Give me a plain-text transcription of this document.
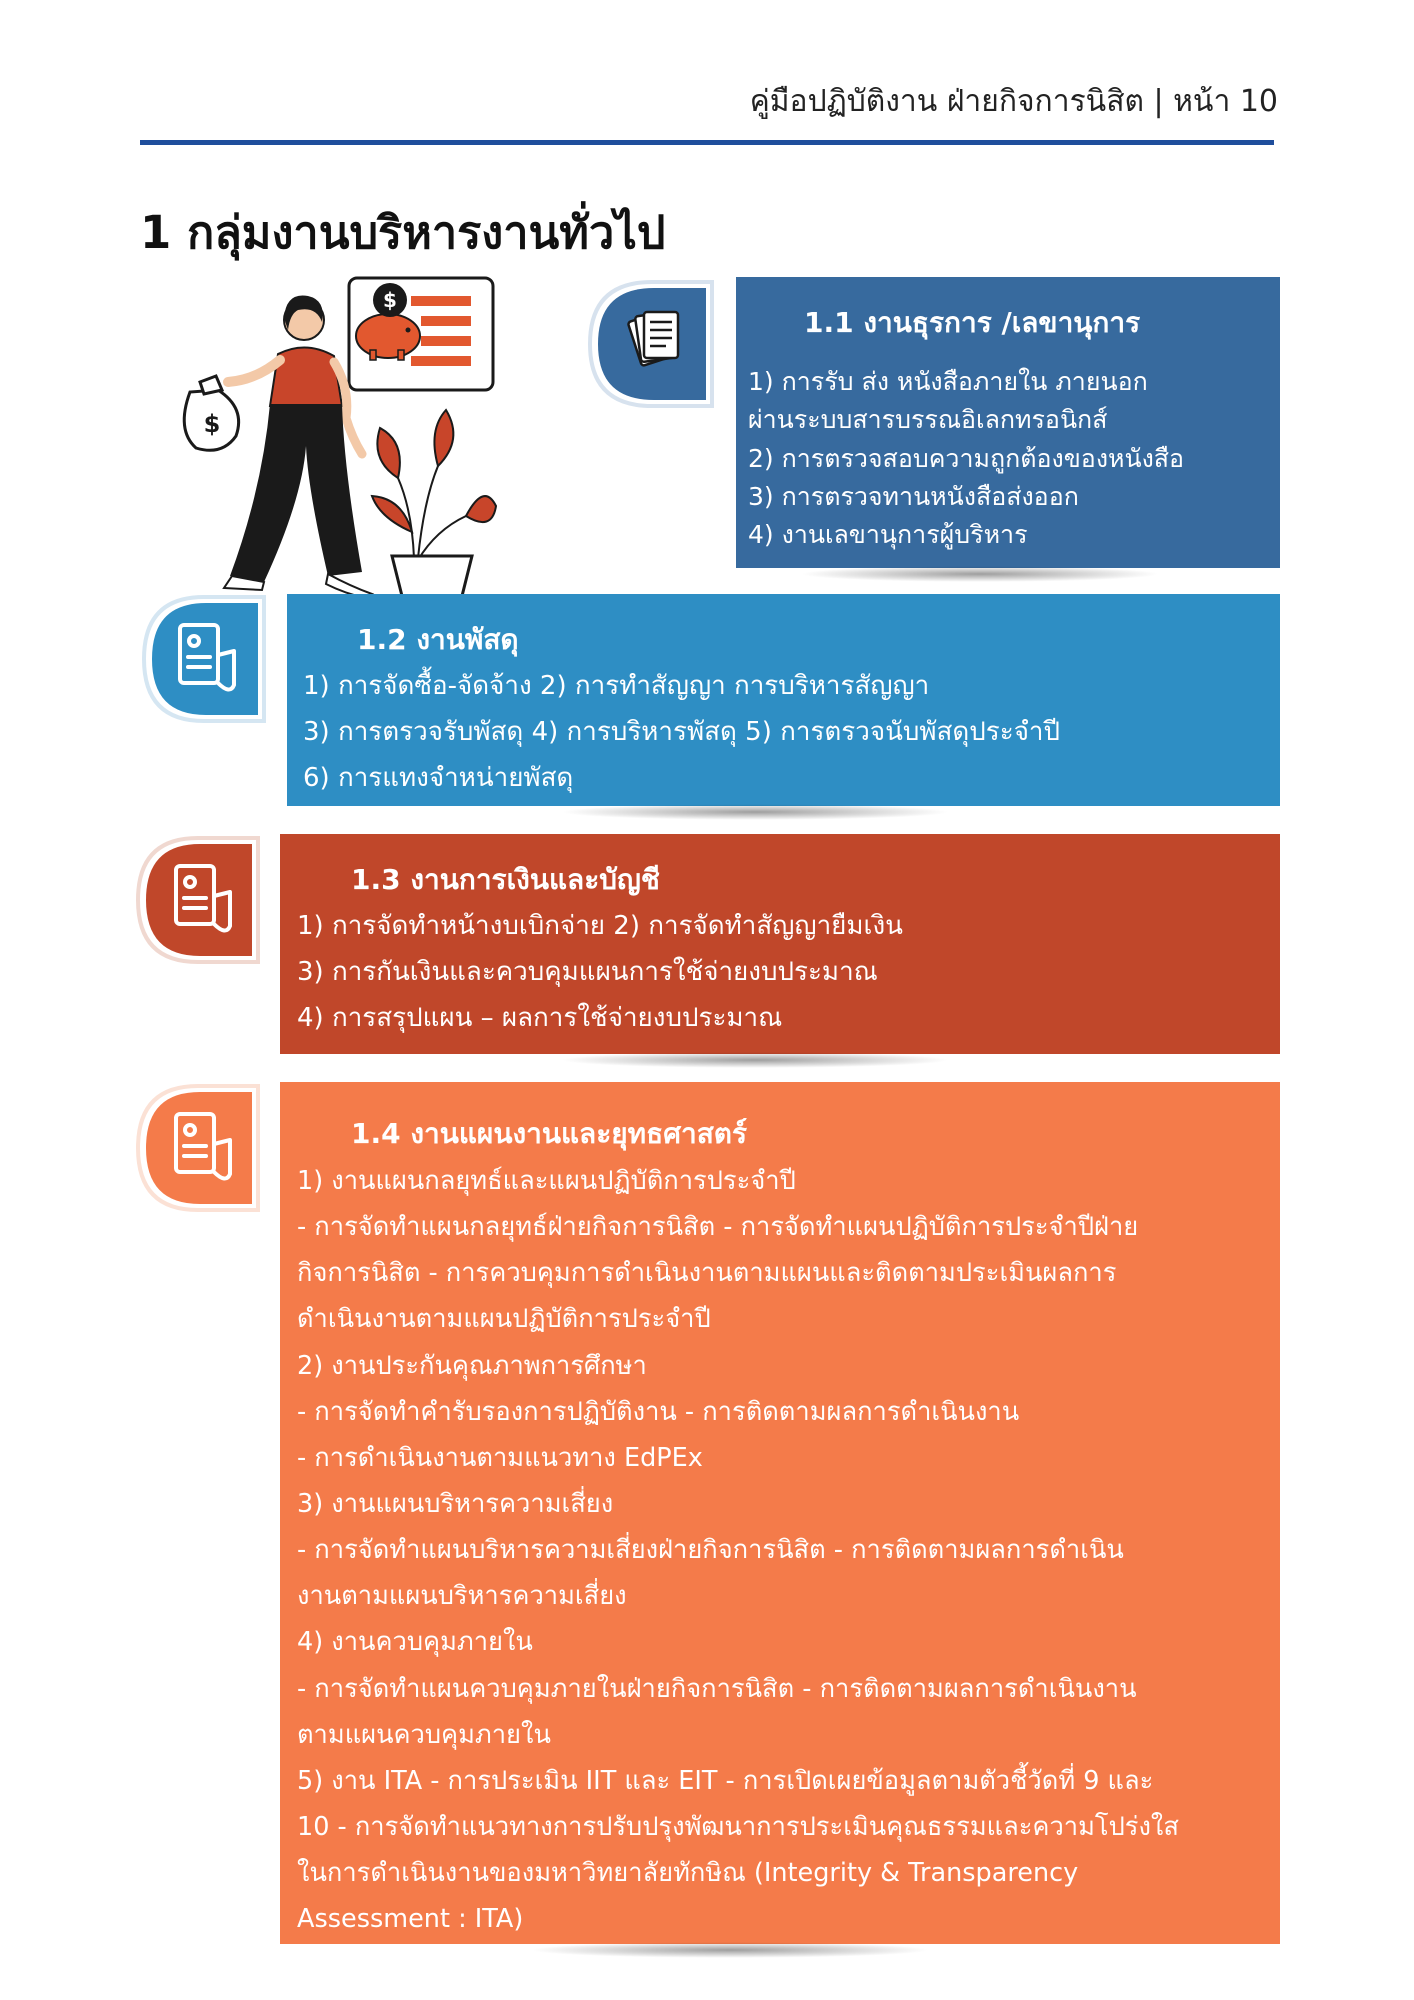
คู่มือปฏิบัติงาน ฝ่ายกิจการนิสิต | หน้า 10
1 กลุ่มงานบริหารงานทั่วไป
$
$
1.1 งานธุรการ /เลขานุการ
1) การรับ ส่ง หนังสือภายใน ภายนอก
ผ่านระบบสารบรรณอิเลกทรอนิกส์
2) การตรวจสอบความถูกต้องของหนังสือ
3) การตรวจทานหนังสือส่งออก
4) งานเลขานุการผู้บริหาร
1.2 งานพัสดุ
1) การจัดซื้อ-จัดจ้าง 2) การทำสัญญา การบริหารสัญญา
3) การตรวจรับพัสดุ 4) การบริหารพัสดุ 5) การตรวจนับพัสดุประจำปี
6) การแทงจำหน่ายพัสดุ
1.3 งานการเงินและบัญชี
1) การจัดทำหน้างบเบิกจ่าย 2) การจัดทำสัญญายืมเงิน
3) การกันเงินและควบคุมแผนการใช้จ่ายงบประมาณ
4) การสรุปแผน – ผลการใช้จ่ายงบประมาณ
1.4 งานแผนงานและยุทธศาสตร์
1) งานแผนกลยุทธ์และแผนปฏิบัติการประจำปี
- การจัดทำแผนกลยุทธ์ฝ่ายกิจการนิสิต - การจัดทำแผนปฏิบัติการประจำปีฝ่าย
กิจการนิสิต - การควบคุมการดำเนินงานตามแผนและติดตามประเมินผลการ
ดำเนินงานตามแผนปฏิบัติการประจำปี
2) งานประกันคุณภาพการศึกษา
- การจัดทำคำรับรองการปฏิบัติงาน - การติดตามผลการดำเนินงาน
- การดำเนินงานตามแนวทาง EdPEx
3) งานแผนบริหารความเสี่ยง
- การจัดทำแผนบริหารความเสี่ยงฝ่ายกิจการนิสิต - การติดตามผลการดำเนิน
งานตามแผนบริหารความเสี่ยง
4) งานควบคุมภายใน
- การจัดทำแผนควบคุมภายในฝ่ายกิจการนิสิต - การติดตามผลการดำเนินงาน
ตามแผนควบคุมภายใน
5) งาน ITA - การประเมิน IIT และ EIT - การเปิดเผยข้อมูลตามตัวชี้วัดที่ 9 และ
10 - การจัดทำแนวทางการปรับปรุงพัฒนาการประเมินคุณธรรมและความโปร่งใส
ในการดำเนินงานของมหาวิทยาลัยทักษิณ (Integrity & Transparency
Assessment : ITA)
